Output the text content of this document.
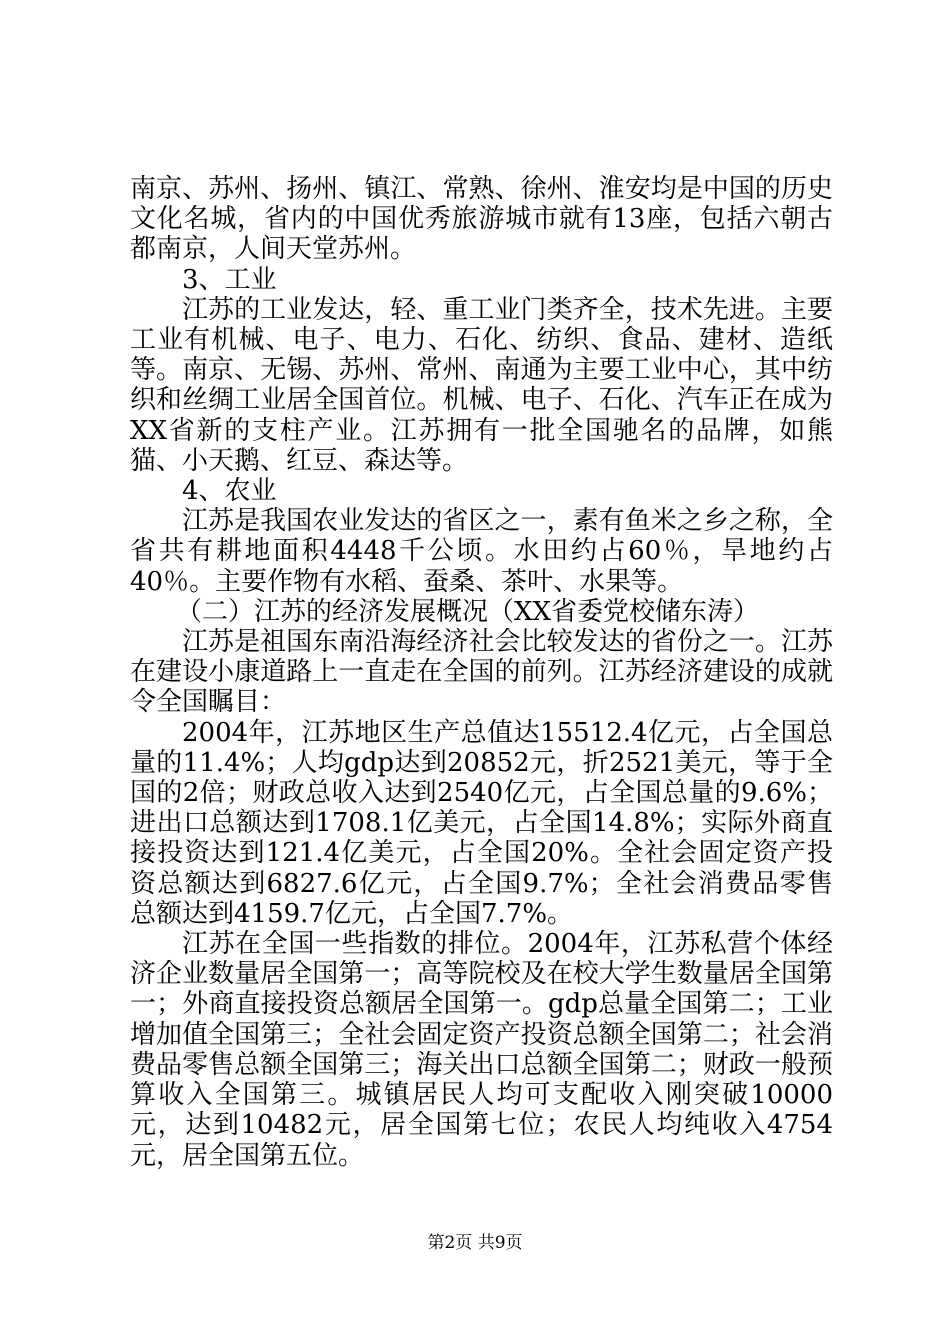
南京、苏州、扬州、镇江、常熟、徐州、淮安均是中国的历史文化名城，省内的中国优秀旅游城市就有13座，包括六朝古都南京，人间天堂苏州。

3、工业

江苏的工业发达，轻、重工业门类齐全，技术先进。主要工业有机械、电子、电力、石化、纺织、食品、建材、造纸等。南京、无锡、苏州、常州、南通为主要工业中心，其中纺织和丝绸工业居全国首位。机械、电子、石化、汽车正在成为XX省新的支柱产业。江苏拥有一批全国驰名的品牌，如熊猫、小天鹅、红豆、森达等。

4、农业

江苏是我国农业发达的省区之一，素有鱼米之乡之称，全省共有耕地面积4448千公顷。水田约占60％，旱地约占40％。主要作物有水稻、蚕桑、茶叶、水果等。

（二）江苏的经济发展概况（XX省委党校储东涛）

江苏是祖国东南沿海经济社会比较发达的省份之一。江苏在建设小康道路上一直走在全国的前列。江苏经济建设的成就令全国瞩目：

2004年，江苏地区生产总值达15512.4亿元，占全国总量的11.4%；人均gdp达到20852元，折2521美元，等于全国的2倍；财政总收入达到2540亿元，占全国总量的9.6%；进出口总额达到1708.1亿美元，占全国14.8%；实际外商直接投资达到121.4亿美元，占全国20%。全社会固定资产投资总额达到6827.6亿元，占全国9.7%；全社会消费品零售总额达到4159.7亿元，占全国7.7%。

江苏在全国一些指数的排位。2004年，江苏私营个体经济企业数量居全国第一；高等院校及在校大学生数量居全国第一；外商直接投资总额居全国第一。gdp总量全国第二；工业增加值全国第三；全社会固定资产投资总额全国第二；社会消费品零售总额全国第三；海关出口总额全国第二；财政一般预算收入全国第三。城镇居民人均可支配收入刚突破10000元，达到10482元，居全国第七位；农民人均纯收入4754元，居全国第五位。

第2页 共9页
